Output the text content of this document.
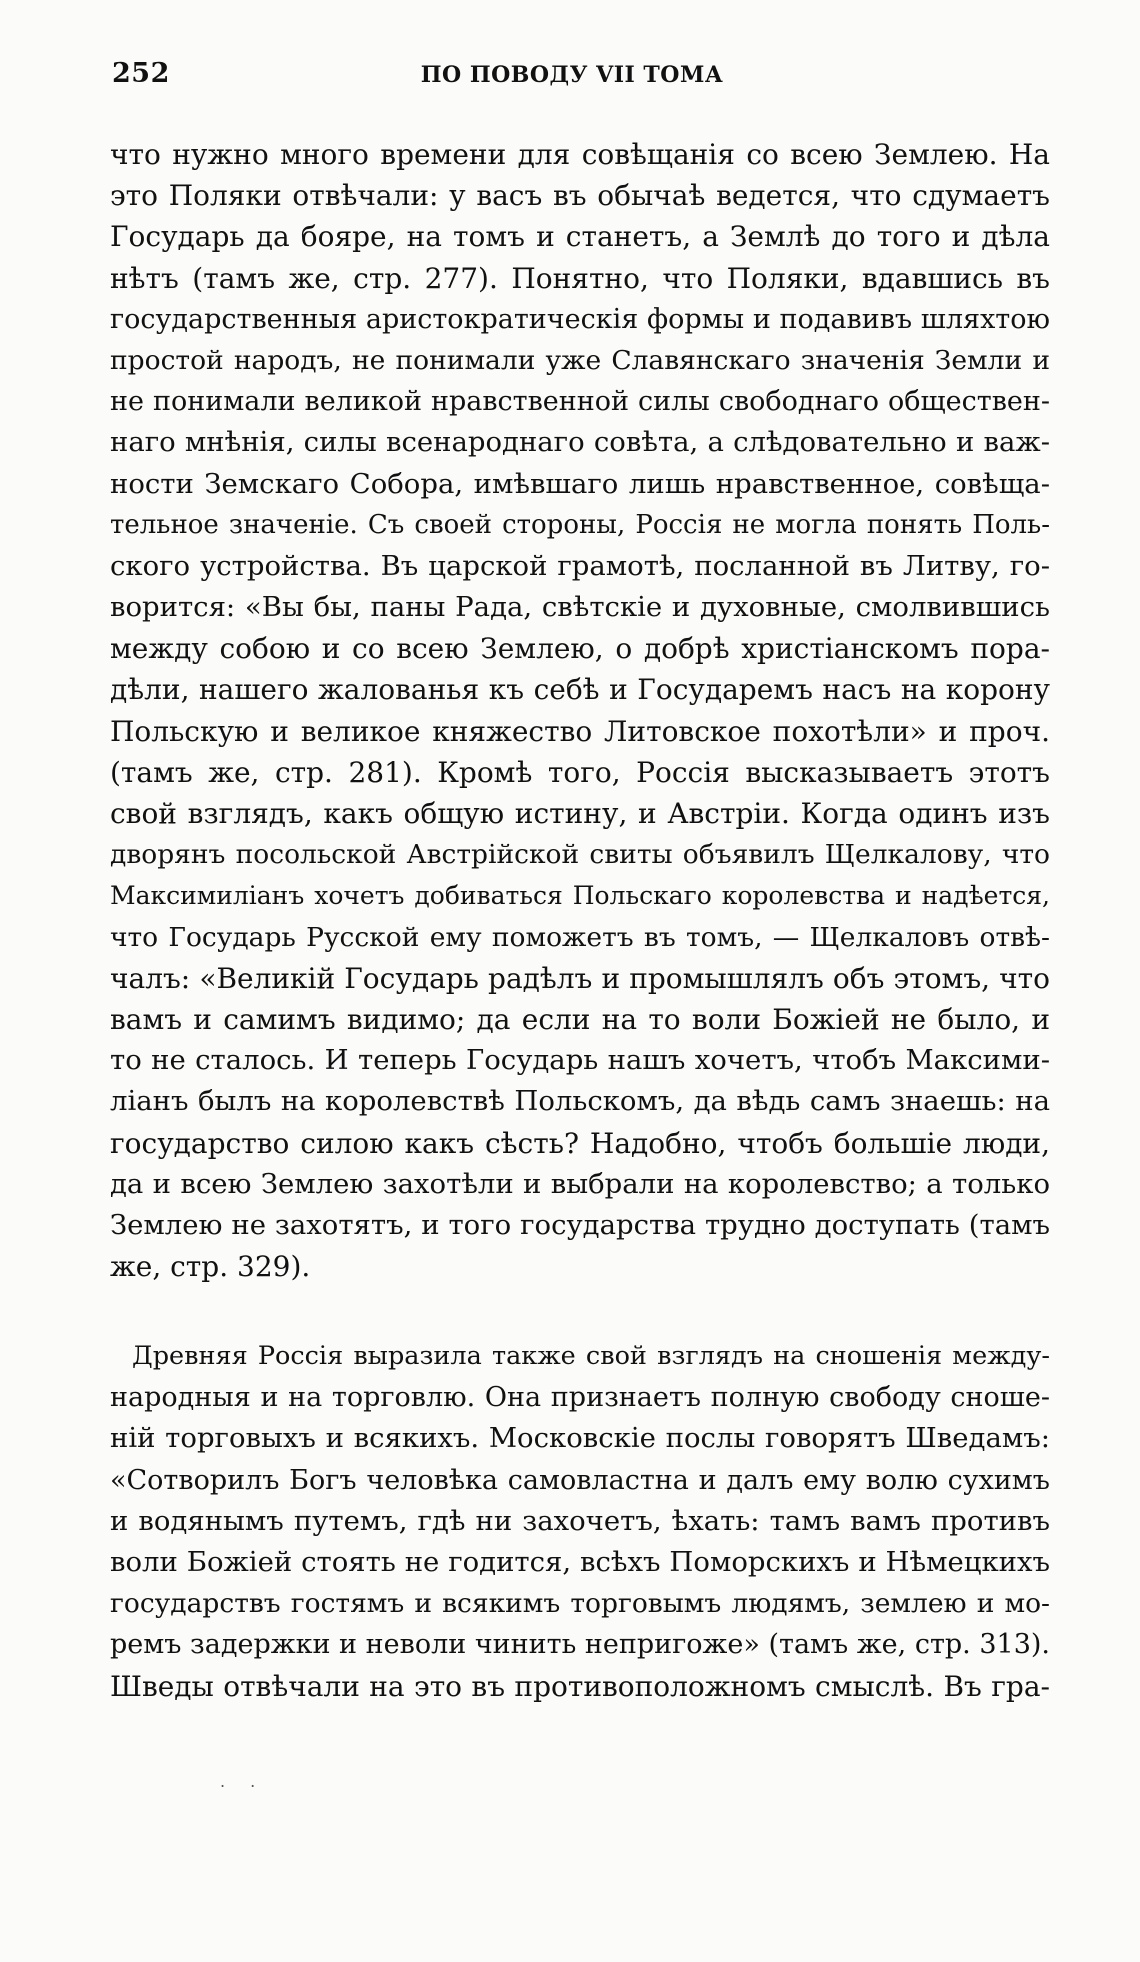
252	ПО ПОВОДУ VII ТОМА
что нужно много времени для совѣщанія со всею Землею. На
это Поляки отвѣчали: у васъ въ обычаѣ ведется, что сдумаетъ
Государь да бояре, на томъ и станетъ, а Землѣ до того и дѣла
нѣтъ (тамъ же, стр. 277). Понятно, что Поляки, вдавшись въ
государственныя аристократическія формы и подавивъ шляхтою
простой народъ, не понимали уже Славянскаго значенія Земли и
не понимали великой нравственной силы свободнаго обществен-
наго мнѣнія, силы всенароднаго совѣта, а слѣдовательно и важ-
ности Земскаго Собора, имѣвшаго лишь нравственное, совѣща-
тельное значеніе. Съ своей стороны, Россія не могла понять Поль-
ского устройства. Въ царской грамотѣ, посланной въ Литву, го-
ворится: «Вы бы, паны Рада, свѣтскіе и духовные, смолвившись
между собою и со всею Землею, о добрѣ христіанскомъ пора-
дѣли, нашего жалованья къ себѣ и Государемъ насъ на корону
Польскую и великое княжество Литовское похотѣли» и проч.
(тамъ же, стр. 281). Кромѣ того, Россія высказываетъ этотъ
свой взглядъ, какъ общую истину, и Австріи. Когда одинъ изъ
дворянъ посольской Австрійской свиты объявилъ Щелкалову, что
Максимиліанъ хочетъ добиваться Польскаго королевства и надѣется,
что Государь Русской ему поможетъ въ томъ, — Щелкаловъ отвѣ-
чалъ: «Великій Государь радѣлъ и промышлялъ объ этомъ, что
вамъ и самимъ видимо; да если на то воли Божіей не было, и
то не сталось. И теперь Государь нашъ хочетъ, чтобъ Максими-
ліанъ былъ на королевствѣ Польскомъ, да вѣдь самъ знаешь: на
государство силою какъ сѣсть? Надобно, чтобъ большіе люди,
да и всею Землею захотѣли и выбрали на королевство; а только
Землею не захотятъ, и того государства трудно доступать (тамъ
же, стр. 329).
Древняя Россія выразила также свой взглядъ на сношенія между-
народныя и на торговлю. Она признаетъ полную свободу сноше-
ній торговыхъ и всякихъ. Московскіе послы говорятъ Шведамъ:
«Сотворилъ Богъ человѣка самовластна и далъ ему волю сухимъ
и водянымъ путемъ, гдѣ ни захочетъ, ѣхать: тамъ вамъ противъ
воли Божіей стоять не годится, всѣхъ Поморскихъ и Нѣмецкихъ
государствъ гостямъ и всякимъ торговымъ людямъ, землею и мо-
ремъ задержки и неволи чинить непригоже» (тамъ же, стр. 313).
Шведы отвѣчали на это въ противоположномъ смыслѣ. Въ гра-
. .
